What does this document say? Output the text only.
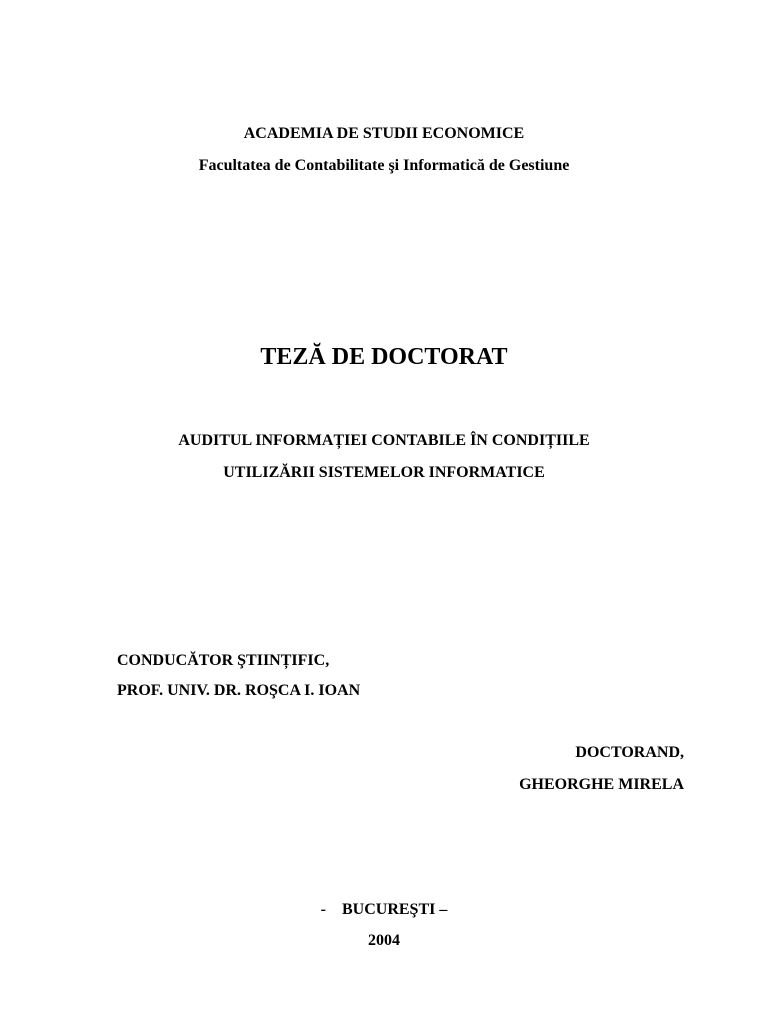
ACADEMIA DE STUDII ECONOMICE

Facultatea de Contabilitate şi Informatică de Gestiune

TEZĂ DE DOCTORAT

AUDITUL INFORMAȚIEI CONTABILE ÎN CONDIȚIILE

UTILIZĂRII SISTEMELOR INFORMATICE

CONDUCĂTOR ŞTIINȚIFIC,

PROF. UNIV. DR. ROŞCA I. IOAN

DOCTORAND,

GHEORGHE MIRELA

-    BUCUREŞTI –

2004
